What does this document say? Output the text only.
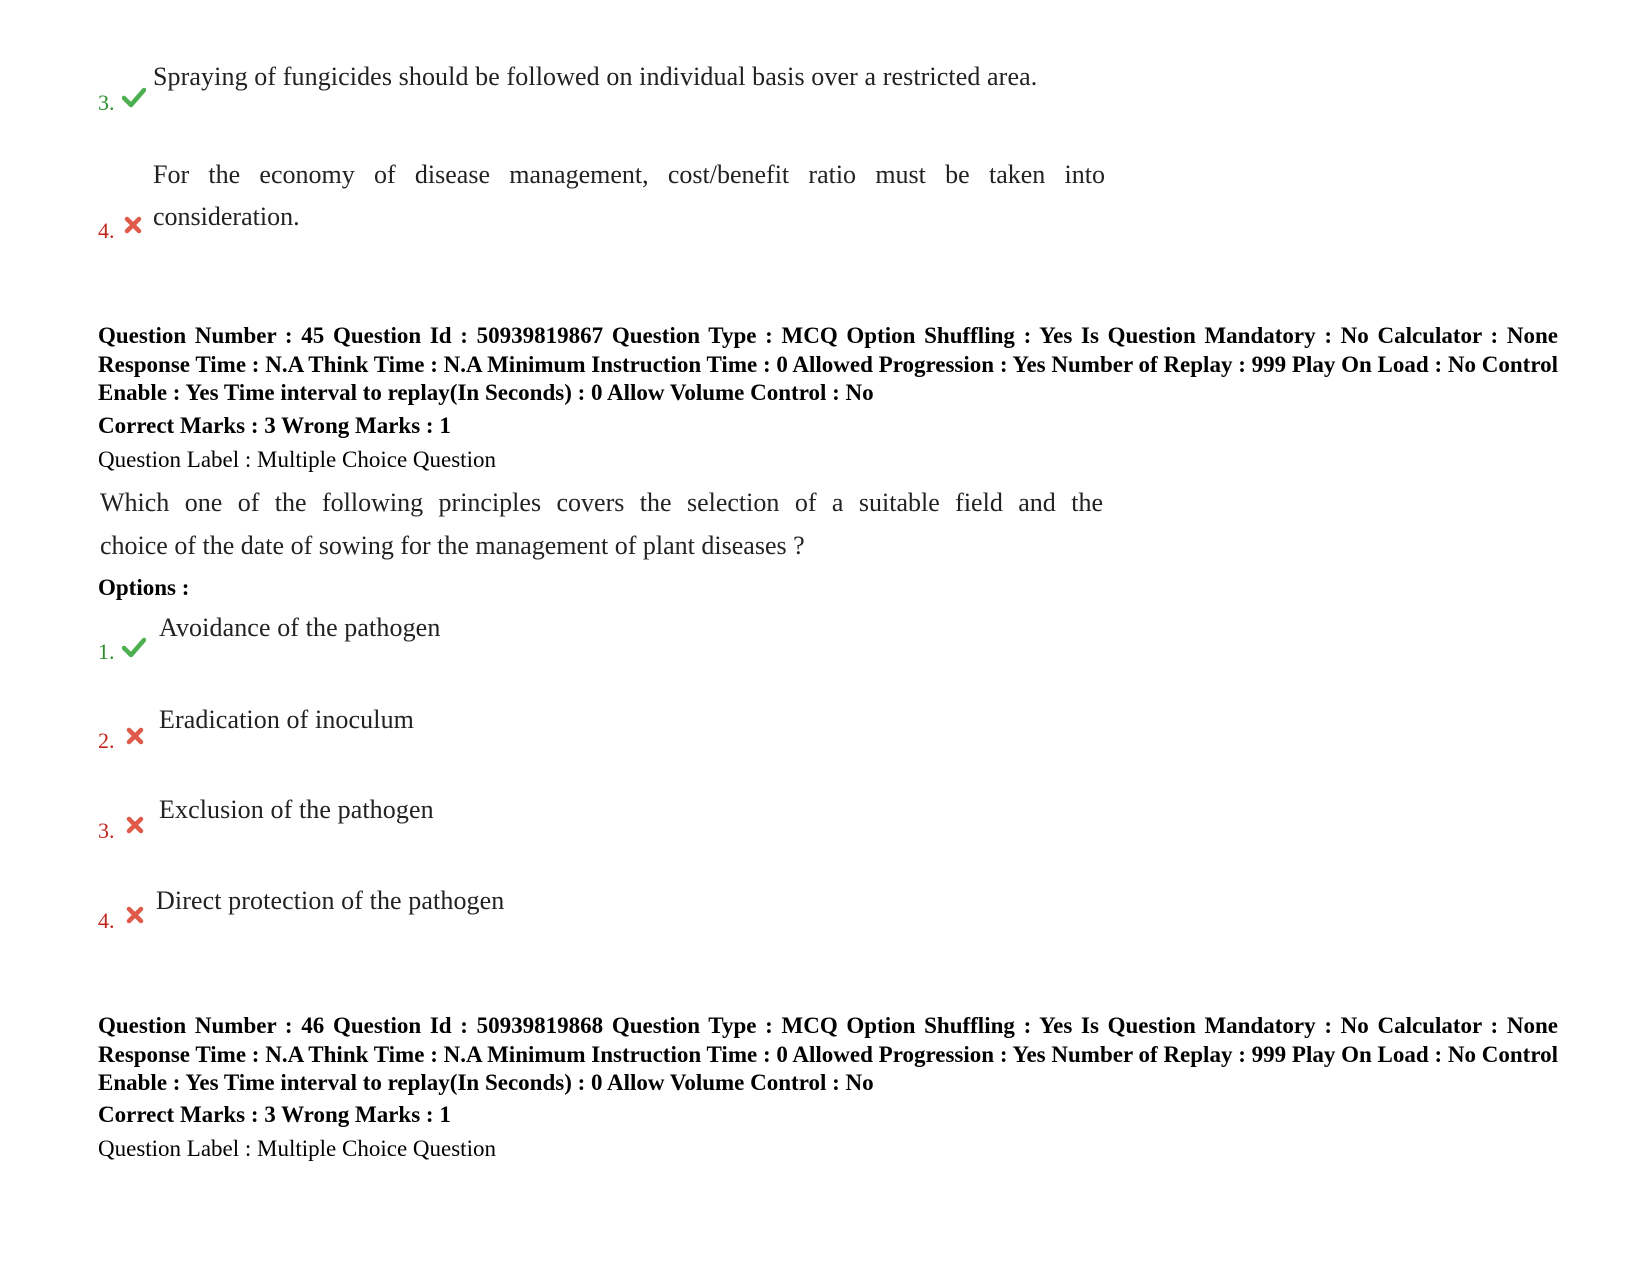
3.
Spraying of fungicides should be followed on individual basis over a restricted area.
For the economy of disease management, cost/benefit ratio must be taken into
consideration.
4.
Question Number : 45 Question Id : 50939819867 Question Type : MCQ Option Shuffling : Yes Is Question Mandatory : No Calculator : None Response Time : N.A Think Time : N.A Minimum Instruction Time : 0 Allowed Progression : Yes Number of Replay : 999 Play On Load : No Control Enable : Yes Time interval to replay(In Seconds) : 0 Allow Volume Control : No
Correct Marks : 3 Wrong Marks : 1
Question Label : Multiple Choice Question
Which one of the following principles covers the selection of a suitable field and the
choice of the date of sowing for the management of plant diseases ?
Options :
1.
Avoidance of the pathogen
2.
Eradication of inoculum
3.
Exclusion of the pathogen
4.
Direct protection of the pathogen
Question Number : 46 Question Id : 50939819868 Question Type : MCQ Option Shuffling : Yes Is Question Mandatory : No Calculator : None Response Time : N.A Think Time : N.A Minimum Instruction Time : 0 Allowed Progression : Yes Number of Replay : 999 Play On Load : No Control Enable : Yes Time interval to replay(In Seconds) : 0 Allow Volume Control : No
Correct Marks : 3 Wrong Marks : 1
Question Label : Multiple Choice Question
